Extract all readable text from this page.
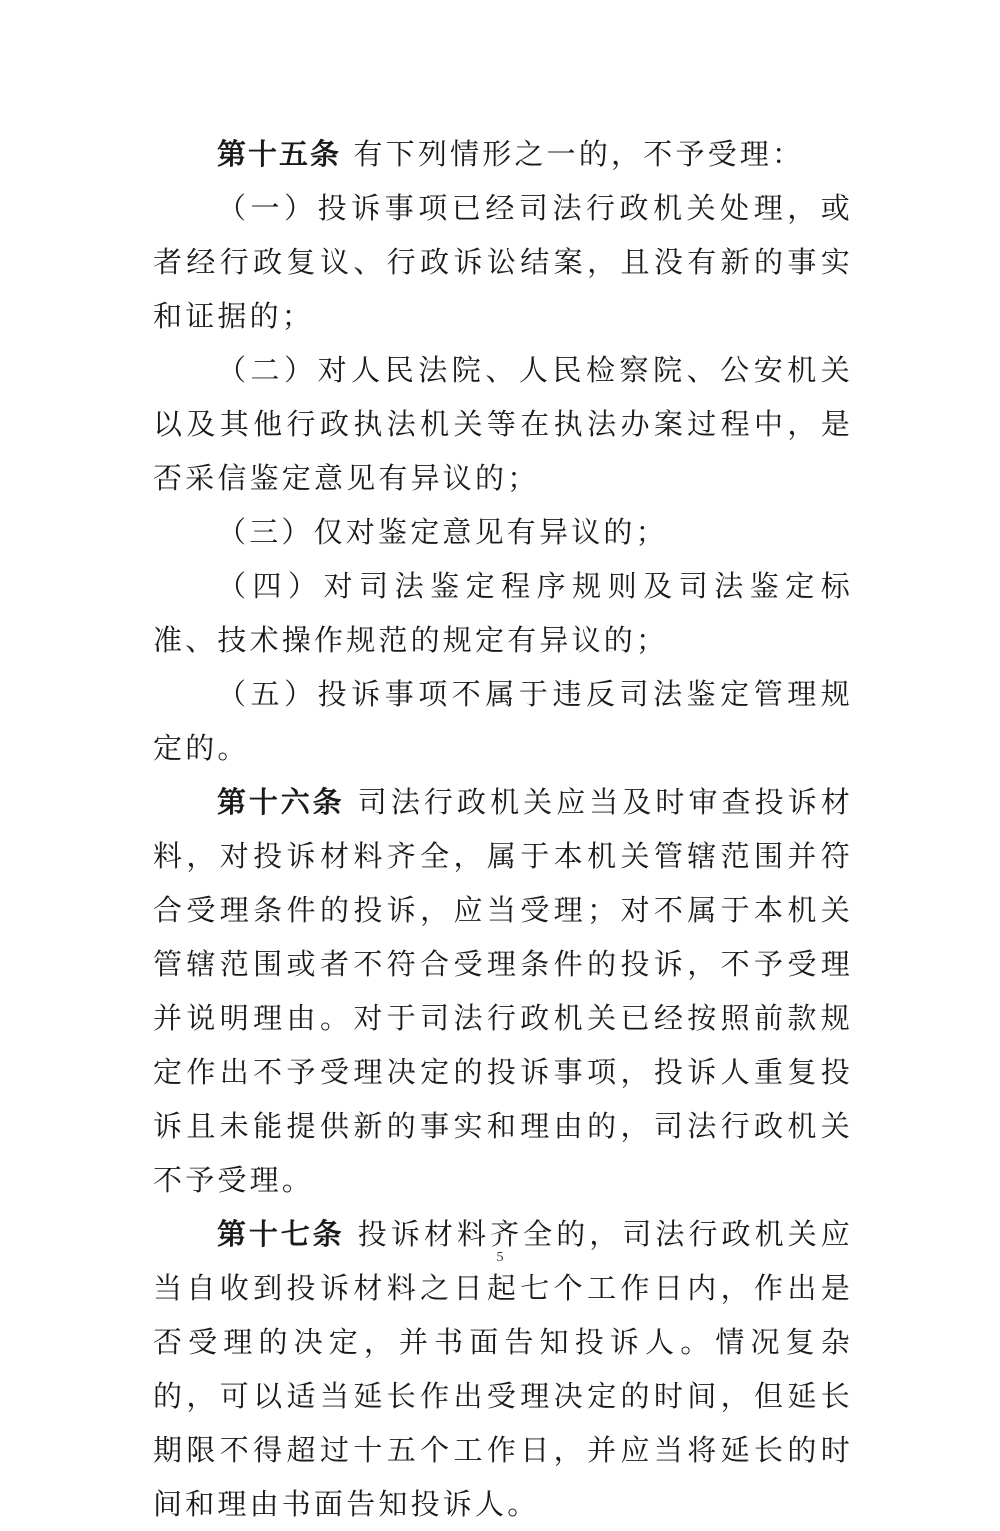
第十五条 有下列情形之一的，不予受理：

（一）投诉事项已经司法行政机关处理，或者经行政复议、行政诉讼结案，且没有新的事实和证据的；

（二）对人民法院、人民检察院、公安机关以及其他行政执法机关等在执法办案过程中，是否采信鉴定意见有异议的；

（三）仅对鉴定意见有异议的；

（四）对司法鉴定程序规则及司法鉴定标准、技术操作规范的规定有异议的；

（五）投诉事项不属于违反司法鉴定管理规定的。

第十六条 司法行政机关应当及时审查投诉材料，对投诉材料齐全，属于本机关管辖范围并符合受理条件的投诉，应当受理；对不属于本机关管辖范围或者不符合受理条件的投诉，不予受理并说明理由。对于司法行政机关已经按照前款规定作出不予受理决定的投诉事项，投诉人重复投诉且未能提供新的事实和理由的，司法行政机关不予受理。

第十七条 投诉材料齐全的，司法行政机关应当自收到投诉材料之日起七个工作日内，作出是否受理的决定，并书面告知投诉人。情况复杂的，可以适当延长作出受理决定的时间，但延长期限不得超过十五个工作日，并应当将延长的时间和理由书面告知投诉人。

5
